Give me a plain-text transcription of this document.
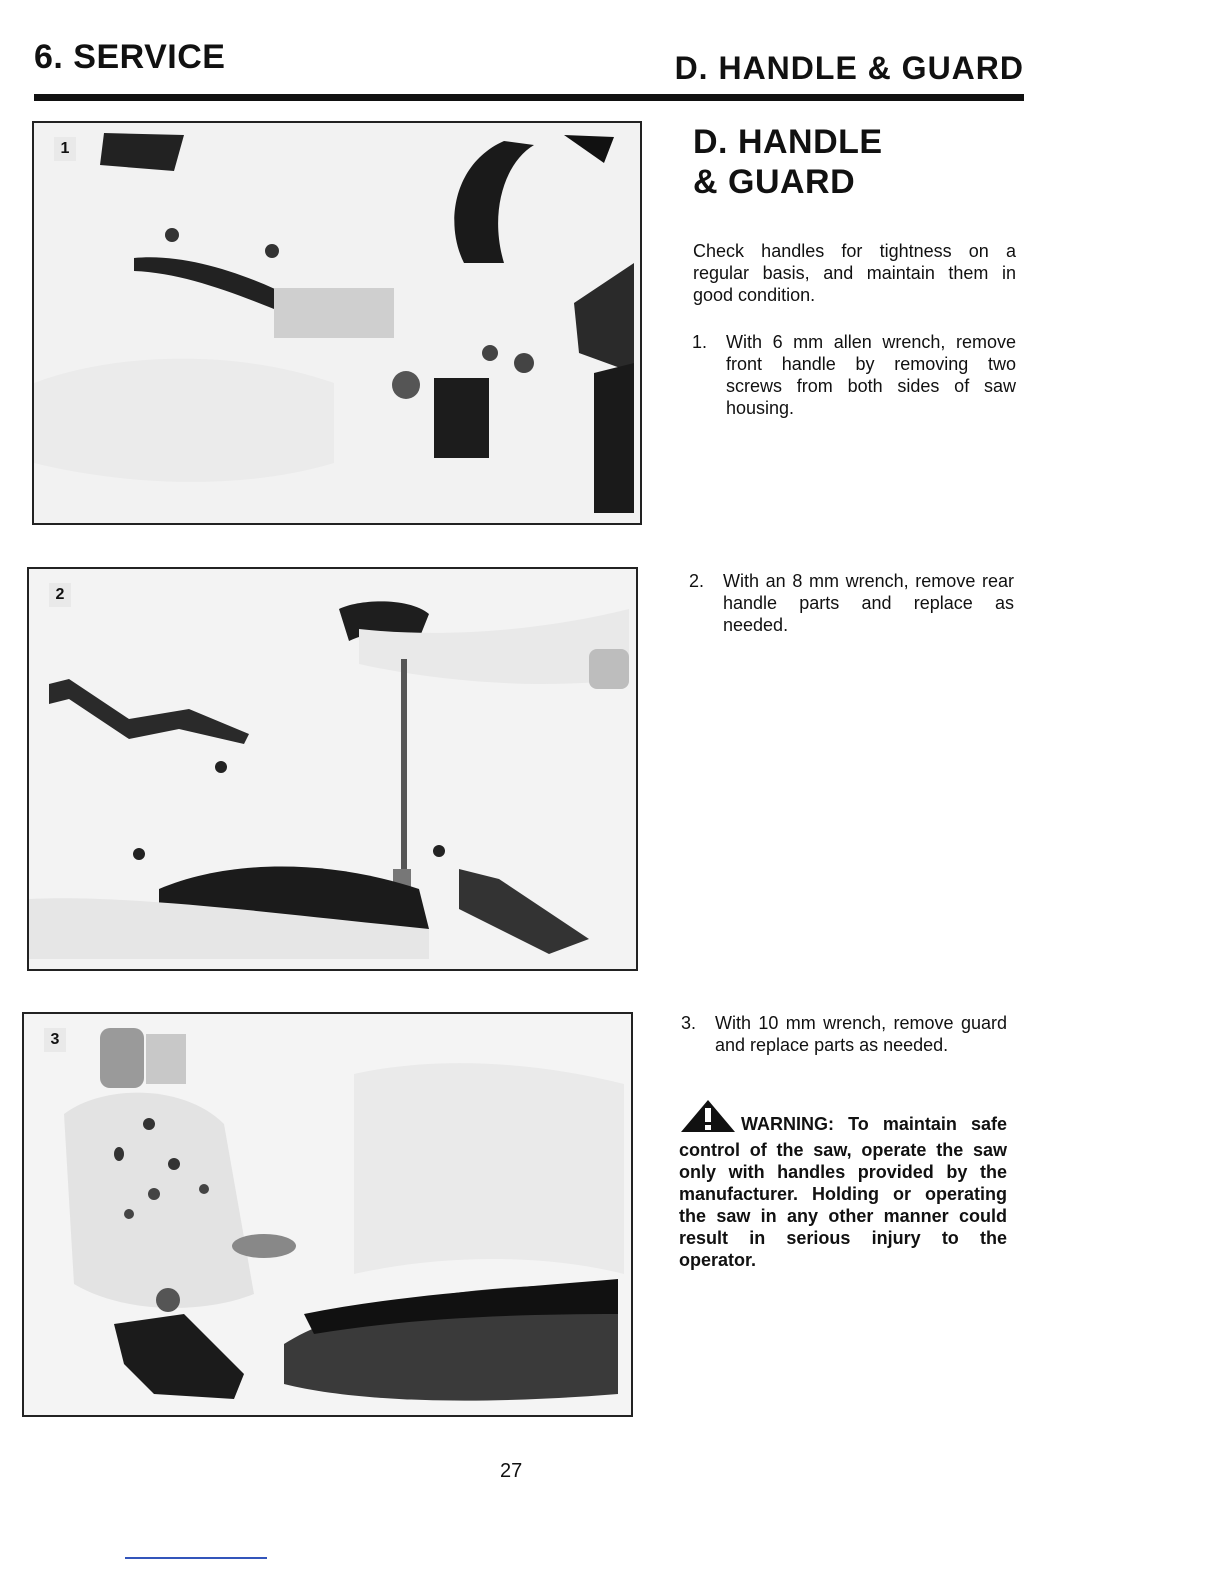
6. SERVICE	D. HANDLE & GUARD
1
2
3
D. HANDLE
& GUARD
Check handles for tightness on a regular basis, and maintain them in good condition.
1. With 6 mm allen wrench, remove front handle by removing two screws from both sides of saw housing.
2. With an 8 mm wrench, remove rear handle parts and replace as needed.
3. With 10 mm wrench, remove guard and replace parts as needed.
WARNING: To maintain safe control of the saw, operate the saw only with handles provided by the manufacturer. Holding or operating the saw in any other manner could result in serious injury to the operator.
27
